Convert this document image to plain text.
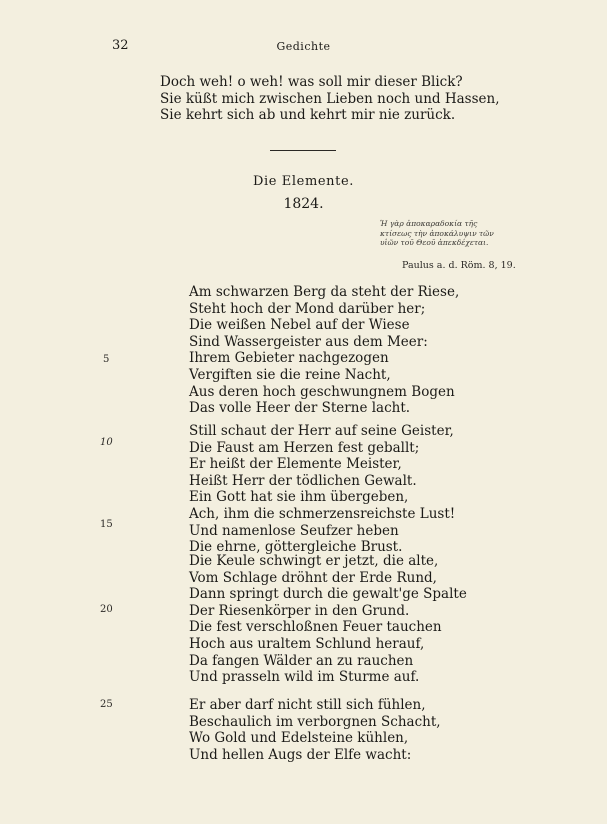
32	Gedichte
Doch weh! o weh! was soll mir dieser Blick?
Sie küßt mich zwischen Lieben noch und Hassen,
Sie kehrt sich ab und kehrt mir nie zurück.
Die Elemente.
1824.
Ἡ γὰρ ἀποκαραδοκία τῆς
κτίσεως τὴν ἀποκάλυψιν τῶν
υἱῶν τοῦ Θεοῦ ἀπεκδέχεται.
Paulus a. d. Röm. 8, 19.
Am schwarzen Berg da steht der Riese,
Steht hoch der Mond darüber her;
Die weißen Nebel auf der Wiese
Sind Wassergeister aus dem Meer:
Ihrem Gebieter nachgezogen
Vergiften sie die reine Nacht,
Aus deren hoch geschwungnem Bogen
Das volle Heer der Sterne lacht.
Still schaut der Herr auf seine Geister,
Die Faust am Herzen fest geballt;
Er heißt der Elemente Meister,
Heißt Herr der tödlichen Gewalt.
Ein Gott hat sie ihm übergeben,
Ach, ihm die schmerzensreichste Lust!
Und namenlose Seufzer heben
Die ehrne, göttergleiche Brust.
Die Keule schwingt er jetzt, die alte,
Vom Schlage dröhnt der Erde Rund,
Dann springt durch die gewalt'ge Spalte
Der Riesenkörper in den Grund.
Die fest verschloßnen Feuer tauchen
Hoch aus uraltem Schlund herauf,
Da fangen Wälder an zu rauchen
Und prasseln wild im Sturme auf.
Er aber darf nicht still sich fühlen,
Beschaulich im verborgnen Schacht,
Wo Gold und Edelsteine kühlen,
Und hellen Augs der Elfe wacht:
5
10
15
20
25
